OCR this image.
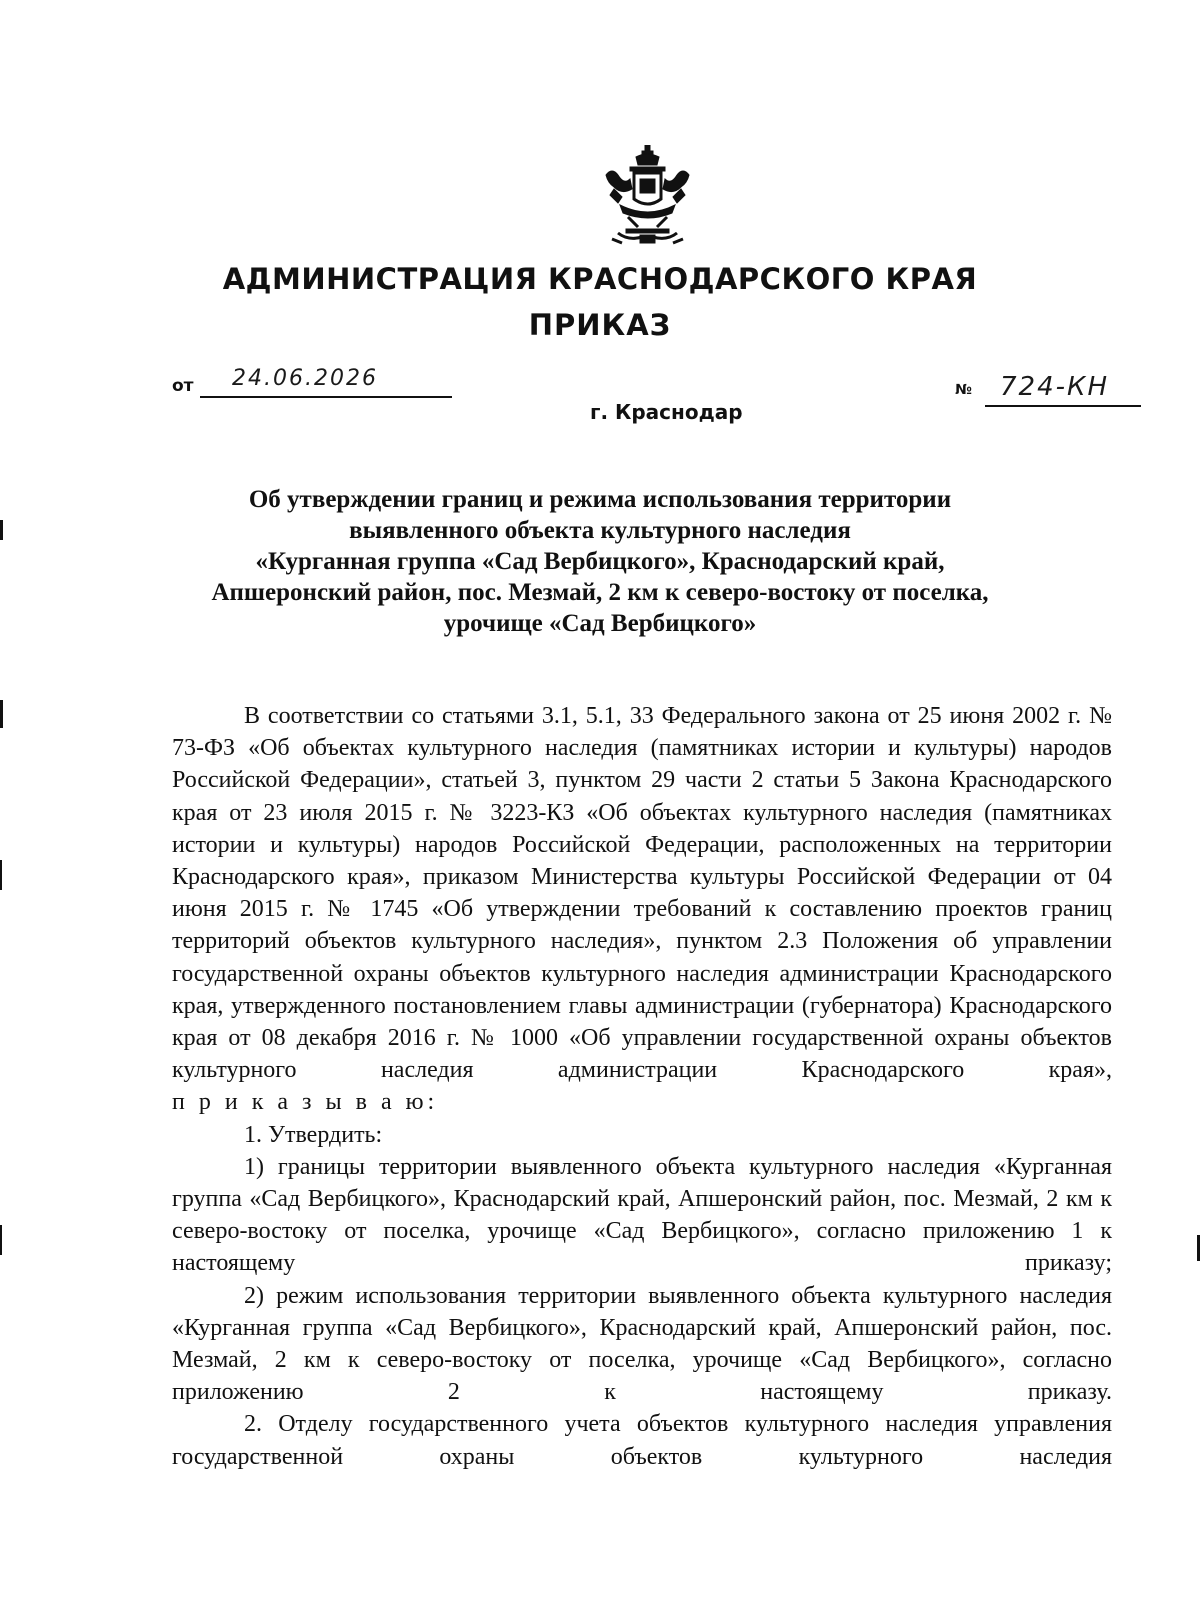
АДМИНИСТРАЦИЯ КРАСНОДАРСКОГО КРАЯ
ПРИКАЗ
от 24.06.2026	№ 724-КН
г. Краснодар
Об утверждении границ и режима использования территории
выявленного объекта культурного наследия
«Курганная группа «Сад Вербицкого», Краснодарский край,
Апшеронский район, пос. Мезмай, 2 км к северо-востоку от поселка,
урочище «Сад Вербицкого»

В соответствии со статьями 3.1, 5.1, 33 Федерального закона от 25 июня 2002 г. № 73-ФЗ «Об объектах культурного наследия (памятниках истории и культуры) народов Российской Федерации», статьей 3, пунктом 29 части 2 статьи 5 Закона Краснодарского края от 23 июля 2015 г. № 3223-КЗ «Об объектах культурного наследия (памятниках истории и культуры) народов Российской Федерации, расположенных на территории Краснодарского края», приказом Министерства культуры Российской Федерации от 04 июня 2015 г. № 1745 «Об утверждении требований к составлению проектов границ территорий объектов культурного наследия», пунктом 2.3 Положения об управлении государственной охраны объектов культурного наследия администрации Краснодарского края, утвержденного постановлением главы администрации (губернатора) Краснодарского края от 08 декабря 2016 г. № 1000 «Об управлении государственной охраны объектов культурного наследия администрации Краснодарского края»,

п р и к а з ы в а ю:

1. Утвердить:

1) границы территории выявленного объекта культурного наследия «Курганная группа «Сад Вербицкого», Краснодарский край, Апшеронский район, пос. Мезмай, 2 км к северо-востоку от поселка, урочище «Сад Вербицкого», согласно приложению 1 к настоящему приказу;

2) режим использования территории выявленного объекта культурного наследия «Курганная группа «Сад Вербицкого», Краснодарский край, Апшеронский район, пос. Мезмай, 2 км к северо-востоку от поселка, урочище «Сад Вербицкого», согласно приложению 2 к настоящему приказу.

2. Отделу государственного учета объектов культурного наследия управления государственной охраны объектов культурного наследия
